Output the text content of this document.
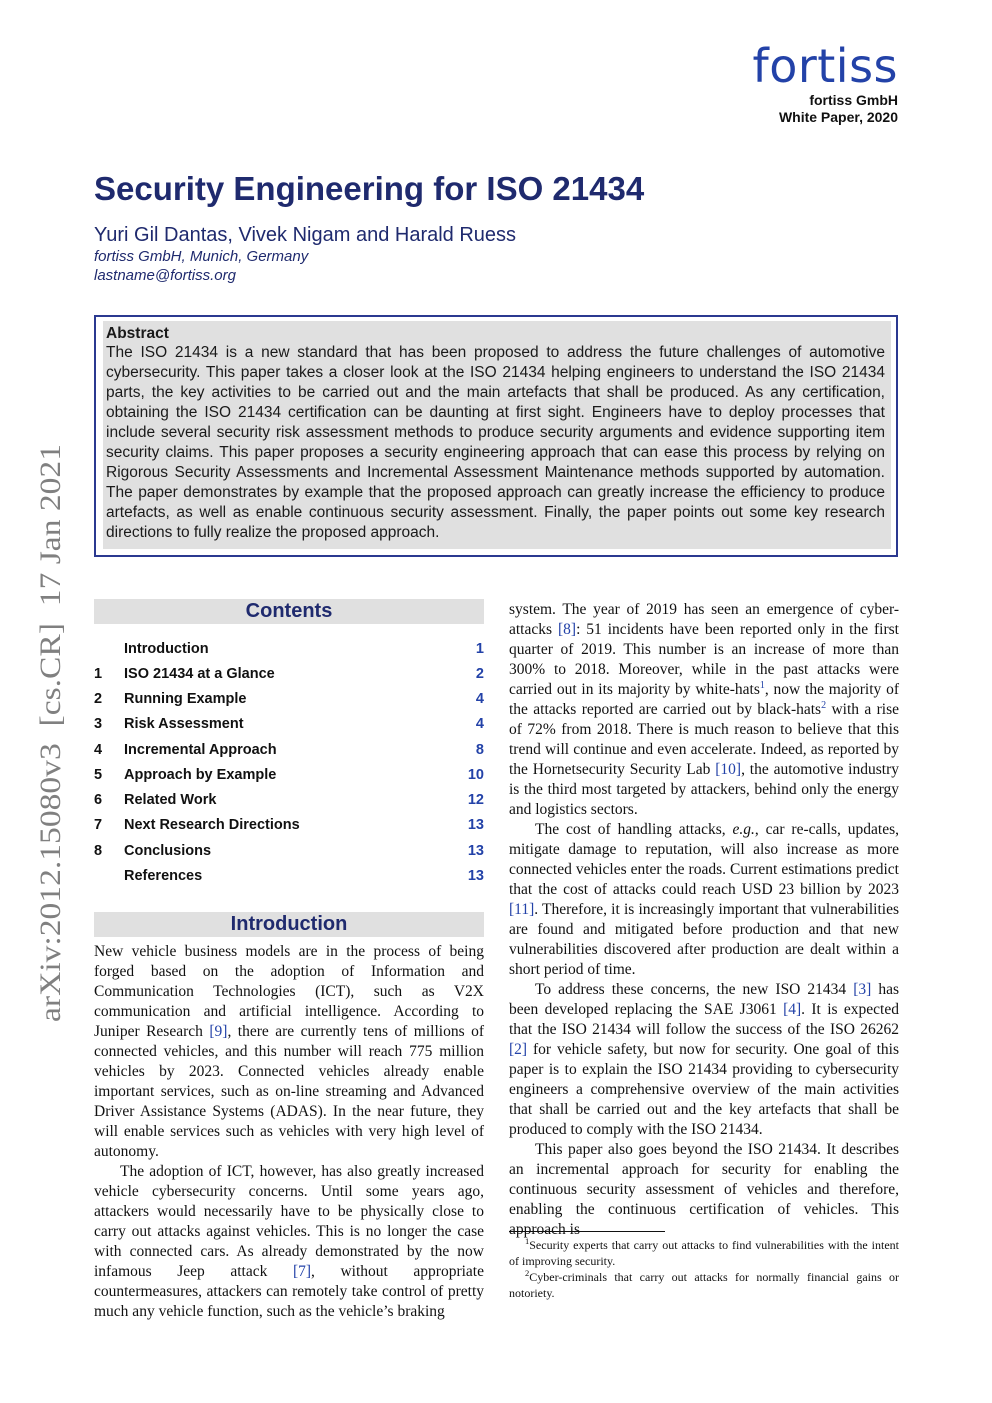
fortiss
fortiss GmbH
White Paper, 2020
arXiv:2012.15080v3  [cs.CR]  17 Jan 2021
Security Engineering for ISO 21434
Yuri Gil Dantas, Vivek Nigam and Harald Ruess
fortiss GmbH, Munich, Germany
lastname@fortiss.org
Abstract
The ISO 21434 is a new standard that has been proposed to address the future challenges of automotive cybersecurity. This paper takes a closer look at the ISO 21434 helping engineers to understand the ISO 21434 parts, the key activities to be carried out and the main artefacts that shall be produced. As any certification, obtaining the ISO 21434 certification can be daunting at first sight. Engineers have to deploy processes that include several security risk assessment methods to produce security arguments and evidence supporting item security claims. This paper proposes a security engineering approach that can ease this process by relying on Rigorous Security Assessments and Incremental Assessment Maintenance methods supported by automation. The paper demonstrates by example that the proposed approach can greatly increase the efficiency to produce artefacts, as well as enable continuous security assessment. Finally, the paper points out some key research directions to fully realize the proposed approach.
Contents
Introduction	1
1 ISO 21434 at a Glance	2
2 Running Example	4
3 Risk Assessment	4
4 Incremental Approach	8
5 Approach by Example	10
6 Related Work	12
7 Next Research Directions	13
8 Conclusions	13
References	13
Introduction

New vehicle business models are in the process of being forged based on the adoption of Information and Communication Technologies (ICT), such as V2X communication and artificial intelligence. According to Juniper Research [9], there are currently tens of millions of connected vehicles, and this number will reach 775 million vehicles by 2023. Connected vehicles already enable important services, such as on-line streaming and Advanced Driver Assistance Systems (ADAS). In the near future, they will enable services such as vehicles with very high level of autonomy.

The adoption of ICT, however, has also greatly increased vehicle cybersecurity concerns. Until some years ago, attackers would necessarily have to be physically close to carry out attacks against vehicles. This is no longer the case with connected cars. As already demonstrated by the now infamous Jeep attack [7], without appropriate countermeasures, attackers can remotely take control of pretty much any vehicle function, such as the vehicle’s braking

system. The year of 2019 has seen an emergence of cyber-attacks [8]: 51 incidents have been reported only in the first quarter of 2019. This number is an increase of more than 300% to 2018. Moreover, while in the past attacks were carried out in its majority by white-hats$^1$, now the majority of the attacks reported are carried out by black-hats$^2$ with a rise of 72% from 2018. There is much reason to believe that this trend will continue and even accelerate. Indeed, as reported by the Hornetsecurity Security Lab [10], the automotive industry is the third most targeted by attackers, behind only the energy and logistics sectors.

The cost of handling attacks, e.g., car re-calls, updates, mitigate damage to reputation, will also increase as more connected vehicles enter the roads. Current estimations predict that the cost of attacks could reach USD 23 billion by 2023 [11]. Therefore, it is increasingly important that vulnerabilities are found and mitigated before production and that new vulnerabilities discovered after production are dealt within a short period of time.

To address these concerns, the new ISO 21434 [3] has been developed replacing the SAE J3061 [4]. It is expected that the ISO 21434 will follow the success of the ISO 26262 [2] for vehicle safety, but now for security. One goal of this paper is to explain the ISO 21434 providing to cybersecurity engineers a comprehensive overview of the main activities that shall be carried out and the key artefacts that shall be produced to comply with the ISO 21434.

This paper also goes beyond the ISO 21434. It describes an incremental approach for security for enabling the continuous security assessment of vehicles and therefore, enabling the continuous certification of vehicles. This approach is

$^1$Security experts that carry out attacks to find vulnerabilities with the intent of improving security.
$^2$Cyber-criminals that carry out attacks for normally financial gains or notoriety.
